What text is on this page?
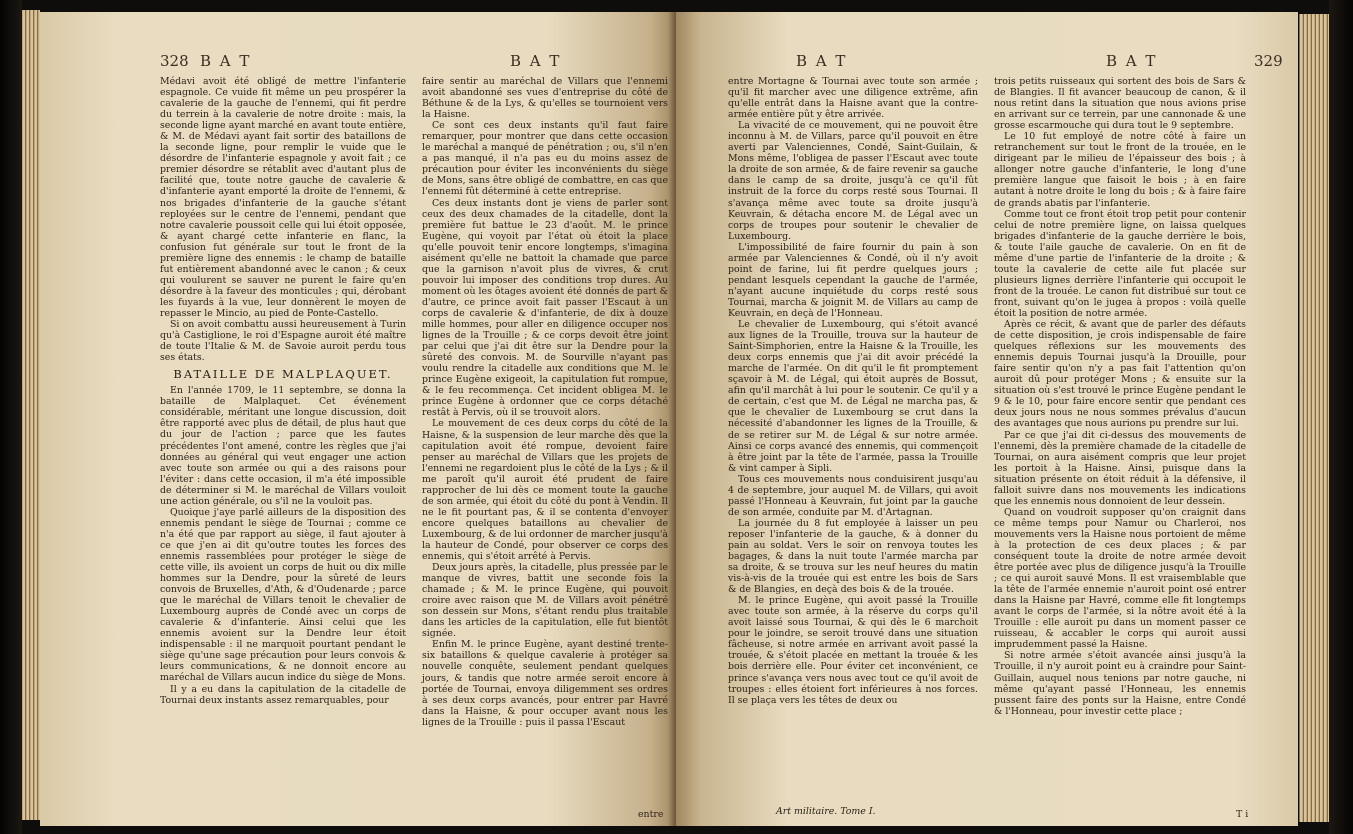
328 B A T	B A T

Médavi avoit été obligé de mettre l'infanterie espagnole. Ce vuide fit même un peu prospérer la cavalerie de la gauche de l'ennemi, qui fit perdre du terrein à la cavalerie de notre droite : mais, la seconde ligne ayant marché en avant toute entière, & M. de Médavi ayant fait sortir des bataillons de la seconde ligne, pour remplir le vuide que le désordre de l'infanterie espagnole y avoit fait ; ce premier désordre se rétablit avec d'autant plus de facilité que, toute notre gauche de cavalerie & d'infanterie ayant emporté la droite de l'ennemi, & nos brigades d'infanterie de la gauche s'étant reployées sur le centre de l'ennemi, pendant que notre cavalerie poussoit celle qui lui étoit opposée, & ayant chargé cette infanterie en flanc, la confusion fut générale sur tout le front de la première ligne des ennemis : le champ de bataille fut entièrement abandonné avec le canon ; & ceux qui voulurent se sauver ne purent le faire qu'en désordre à la faveur des monticules ; qui, dérobant les fuyards à la vue, leur donnèrent le moyen de repasser le Mincio, au pied de Ponte-Castello.

Si on avoit combattu aussi heureusement à Turin qu'à Castiglione, le roi d'Espagne auroit été maître de toute l'Italie & M. de Savoie auroit perdu tous ses états.

BATAILLE DE MALPLAQUET.

En l'année 1709, le 11 septembre, se donna la bataille de Malplaquet. Cet événement considérable, méritant une longue discussion, doit être rapporté avec plus de détail, de plus haut que du jour de l'action ; parce que les fautes précédentes l'ont amené, contre les règles que j'ai données au général qui veut engager une action avec toute son armée ou qui a des raisons pour l'éviter : dans cette occasion, il m'a été impossible de déterminer si M. le maréchal de Villars vouloit une action générale, ou s'il ne la vouloit pas.

Quoique j'aye parlé ailleurs de la disposition des ennemis pendant le siège de Tournai ; comme ce n'a été que par rapport au siège, il faut ajouter à ce que j'en ai dit qu'outre toutes les forces des ennemis rassemblées pour protéger le siège de cette ville, ils avoient un corps de huit ou dix mille hommes sur la Dendre, pour la sûreté de leurs convois de Bruxelles, d'Ath, & d'Oudenarde ; parce que le maréchal de Villars tenoit le chevalier de Luxembourg auprès de Condé avec un corps de cavalerie & d'infanterie. Ainsi celui que les ennemis avoient sur la Dendre leur étoit indispensable : il ne marquoit pourtant pendant le siège qu'une sage précaution pour leurs convois & leurs communications, & ne donnoit encore au maréchal de Villars aucun indice du siège de Mons.

Il y a eu dans la capitulation de la citadelle de Tournai deux instants assez remarquables, pour

faire sentir au maréchal de Villars que l'ennemi avoit abandonné ses vues d'entreprise du côté de Béthune & de la Lys, & qu'elles se tournoient vers la Haisne.

Ce sont ces deux instants qu'il faut faire remarquer, pour montrer que dans cette occasion le maréchal a manqué de pénétration ; ou, s'il n'en a pas manqué, il n'a pas eu du moins assez de précaution pour éviter les inconvénients du siège de Mons, sans être obligé de combattre, en cas que l'ennemi fût déterminé à cette entreprise.

Ces deux instants dont je viens de parler sont ceux des deux chamades de la citadelle, dont la première fut battue le 23 d'août. M. le prince Eugène, qui voyoit par l'état où étoit la place qu'elle pouvoit tenir encore longtemps, s'imagina aisément qu'elle ne battoit la chamade que parce que la garnison n'avoit plus de vivres, & crut pouvoir lui imposer des conditions trop dures. Au moment où les ôtages avoient été donnés de part & d'autre, ce prince avoit fait passer l'Escaut à un corps de cavalerie & d'infanterie, de dix à douze mille hommes, pour aller en diligence occuper nos lignes de la Trouille ; & ce corps devoit être joint par celui que j'ai dit être sur la Dendre pour la sûreté des convois. M. de Sourville n'ayant pas voulu rendre la citadelle aux conditions que M. le prince Eugène exigeoit, la capitulation fut rompue, & le feu recommença. Cet incident obligea M. le prince Eugène à ordonner que ce corps détaché restât à Pervis, où il se trouvoit alors.

Le mouvement de ces deux corps du côté de la Haisne, & la suspension de leur marche dès que la capitulation avoit été rompue, devoient faire penser au maréchal de Villars que les projets de l'ennemi ne regardoient plus le côté de la Lys ; & il me paroît qu'il auroit été prudent de faire rapprocher de lui dès ce moment toute la gauche de son armée, qui étoit du côté du pont à Vendin. Il ne le fit pourtant pas, & il se contenta d'envoyer encore quelques bataillons au chevalier de Luxembourg, & de lui ordonner de marcher jusqu'à la hauteur de Condé, pour observer ce corps des ennemis, qui s'étoit arrêté à Pervis.

Deux jours après, la citadelle, plus pressée par le manque de vivres, battit une seconde fois la chamade ; & M. le prince Eugène, qui pouvoit croire avec raison que M. de Villars avoit pénétré son dessein sur Mons, s'étant rendu plus traitable dans les articles de la capitulation, elle fut bientôt signée.

Enfin M. le prince Eugène, ayant destiné trente-six bataillons & quelque cavalerie à protéger sa nouvelle conquête, seulement pendant quelques jours, & tandis que notre armée seroit encore à portée de Tournai, envoya diligemment ses ordres à ses deux corps avancés, pour entrer par Havré dans la Haisne, & pour occuper avant nous les lignes de la Trouille : puis il passa l'Escaut

entre
B A T	B A T	329

entre Mortagne & Tournai avec toute son armée ; qu'il fit marcher avec une diligence extrême, afin qu'elle entrât dans la Haisne avant que la contre-armée entière pût y être arrivée.

La vivacité de ce mouvement, qui ne pouvoit être inconnu à M. de Villars, parce qu'il pouvoit en être averti par Valenciennes, Condé, Saint-Guilain, & Mons même, l'obligea de passer l'Escaut avec toute la droite de son armée, & de faire revenir sa gauche dans le camp de sa droite, jusqu'à ce qu'il fût instruit de la force du corps resté sous Tournai. Il s'avança même avec toute sa droite jusqu'à Keuvrain, & détacha encore M. de Légal avec un corps de troupes pour soutenir le chevalier de Luxembourg.

L'impossibilité de faire fournir du pain à son armée par Valenciennes & Condé, où il n'y avoit point de farine, lui fit perdre quelques jours ; pendant lesquels cependant la gauche de l'armée, n'ayant aucune inquiétude du corps resté sous Tournai, marcha & joignit M. de Villars au camp de Keuvrain, en deçà de l'Honneau.

Le chevalier de Luxembourg, qui s'étoit avancé aux lignes de la Trouille, trouva sur la hauteur de Saint-Simphorien, entre la Haisne & la Trouille, les deux corps ennemis que j'ai dit avoir précédé la marche de l'armée. On dit qu'il le fit promptement sçavoir à M. de Légal, qui étoit auprès de Bossut, afin qu'il marchât à lui pour le soutenir. Ce qu'il y a de certain, c'est que M. de Légal ne marcha pas, & que le chevalier de Luxembourg se crut dans la nécessité d'abandonner les lignes de la Trouille, & de se retirer sur M. de Légal & sur notre armée. Ainsi ce corps avancé des ennemis, qui commençoit à être joint par la tête de l'armée, passa la Trouille & vint camper à Sipli.

Tous ces mouvements nous conduisirent jusqu'au 4 de septembre, jour auquel M. de Villars, qui avoit passé l'Honneau à Keuvrain, fut joint par la gauche de son armée, conduite par M. d'Artagnan.

La journée du 8 fut employée à laisser un peu reposer l'infanterie de la gauche, & à donner du pain au soldat. Vers le soir on renvoya toutes les bagages, & dans la nuit toute l'armée marcha par sa droite, & se trouva sur les neuf heures du matin vis-à-vis de la trouée qui est entre les bois de Sars & de Blangies, en deçà des bois & de la trouée.

M. le prince Eugène, qui avoit passé la Trouille avec toute son armée, à la réserve du corps qu'il avoit laissé sous Tournai, & qui dès le 6 marchoit pour le joindre, se seroit trouvé dans une situation fâcheuse, si notre armée en arrivant avoit passé la trouée, & s'étoit placée en mettant la trouée & les bois derrière elle. Pour éviter cet inconvénient, ce prince s'avança vers nous avec tout ce qu'il avoit de troupes : elles étoient fort inférieures à nos forces. Il se plaça vers les têtes de deux ou

Art militaire. Tome I.

trois petits ruisseaux qui sortent des bois de Sars & de Blangies. Il fit avancer beaucoup de canon, & il nous retint dans la situation que nous avions prise en arrivant sur ce terrein, par une cannonade & une grosse escarmouche qui dura tout le 9 septembre.

Le 10 fut employé de notre côté à faire un retranchement sur tout le front de la trouée, en le dirigeant par le milieu de l'épaisseur des bois ; à allonger notre gauche d'infanterie, le long d'une première langue que faisoit le bois ; à en faire autant à notre droite le long du bois ; & à faire faire de grands abatis par l'infanterie.

Comme tout ce front étoit trop petit pour contenir celui de notre première ligne, on laissa quelques brigades d'infanterie de la gauche derrière le bois, & toute l'aile gauche de cavalerie. On en fit de même d'une partie de l'infanterie de la droite ; & toute la cavalerie de cette aile fut placée sur plusieurs lignes derrière l'infanterie qui occupoit le front de la trouée. Le canon fut distribué sur tout ce front, suivant qu'on le jugea à propos : voilà quelle étoit la position de notre armée.

Après ce récit, & avant que de parler des défauts de cette disposition, je crois indispensable de faire quelques réflexions sur les mouvements des ennemis depuis Tournai jusqu'à la Drouille, pour faire sentir qu'on n'y a pas fait l'attention qu'on auroit dû pour protéger Mons ; & ensuite sur la situation où s'est trouvé le prince Eugène pendant le 9 & le 10, pour faire encore sentir que pendant ces deux jours nous ne nous sommes prévalus d'aucun des avantages que nous aurions pu prendre sur lui.

Par ce que j'ai dit ci-dessus des mouvements de l'ennemi, dès la première chamade de la citadelle de Tournai, on aura aisément compris que leur projet les portoit à la Haisne. Ainsi, puisque dans la situation présente on étoit réduit à la défensive, il falloit suivre dans nos mouvements les indications que les ennemis nous donnoient de leur dessein.

Quand on voudroit supposer qu'on craignit dans ce même temps pour Namur ou Charleroi, nos mouvements vers la Haisne nous portoient de même à la protection de ces deux places ; & par conséquent toute la droite de notre armée devoit être portée avec plus de diligence jusqu'à la Trouille ; ce qui auroit sauvé Mons. Il est vraisemblable que la tête de l'armée ennemie n'auroit point osé entrer dans la Haisne par Havré, comme elle fit longtemps avant le corps de l'armée, si la nôtre avoit été à la Trouille : elle auroit pu dans un moment passer ce ruisseau, & accabler le corps qui auroit aussi imprudemment passé la Haisne.

Si notre armée s'étoit avancée ainsi jusqu'à la Trouille, il n'y auroit point eu à craindre pour Saint-Guillain, auquel nous tenions par notre gauche, ni même qu'ayant passé l'Honneau, les ennemis pussent faire des ponts sur la Haisne, entre Condé & l'Honneau, pour investir cette place ;

T i
